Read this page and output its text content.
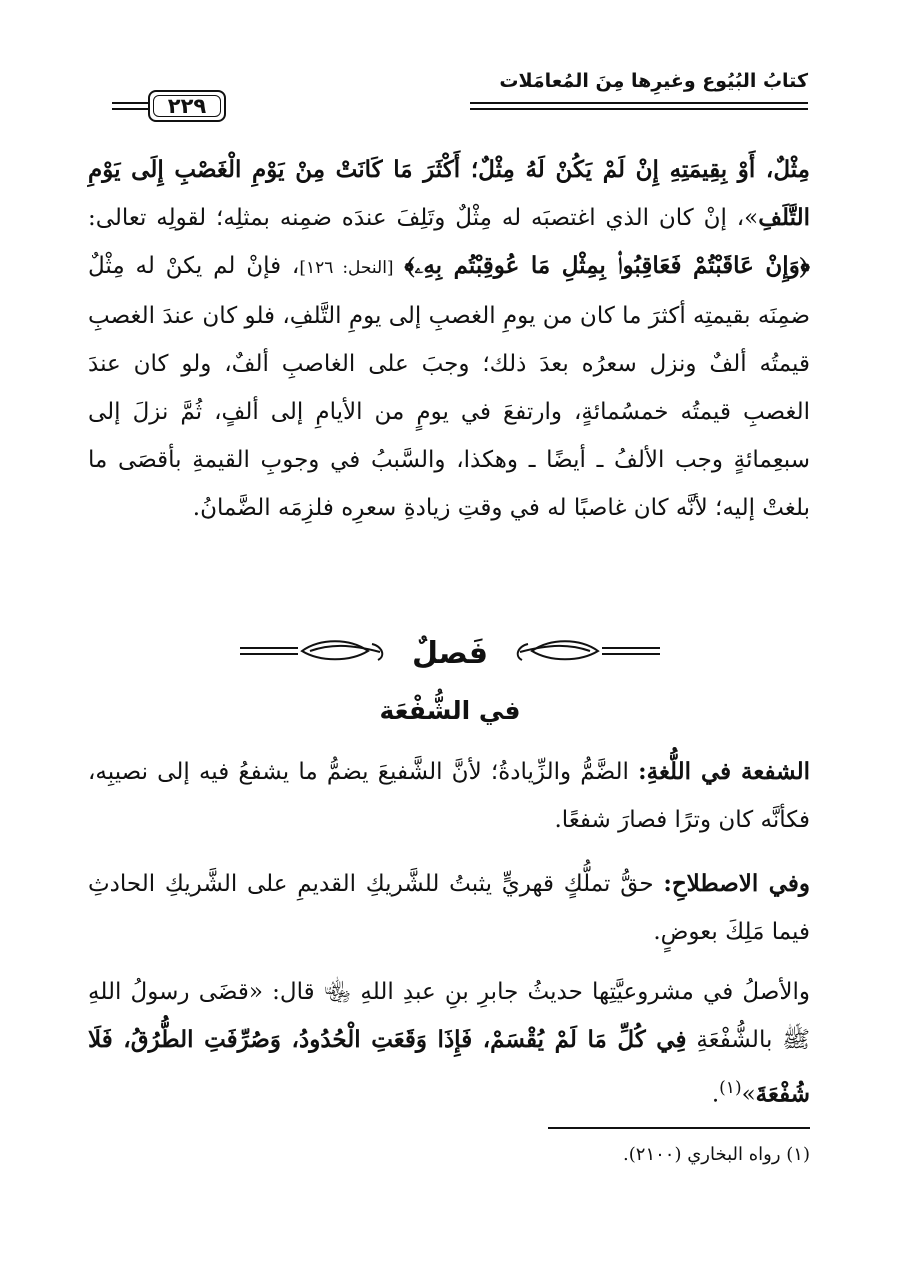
كتابُ البُيُوع وغيرِها مِنَ المُعامَلات
٢٢٩
مِثْلٌ، أَوْ بِقِيمَتِهِ إِنْ لَمْ يَكُنْ لَهُ مِثْلٌ؛ أَكْثَرَ مَا كَانَتْ مِنْ يَوْمِ الْغَصْبِ إِلَى يَوْمِ التَّلَفِ»، إنْ كان الذي اغتصبَه له مِثْلٌ وتَلِفَ عندَه ضمِنه بمثلِه؛ لقولِه تعالى: ﴿وَإِنْ عَاقَبْتُمْ فَعَاقِبُوا۟ بِمِثْلِ مَا عُوقِبْتُم بِهِۦ﴾ [النحل: ١٢٦]، فإنْ لم يكنْ له مِثْلٌ ضمِنَه بقيمتِه أكثرَ ما كان من يومِ الغصبِ إلى يومِ التَّلفِ، فلو كان عندَ الغصبِ قيمتُه ألفٌ ونزل سعرُه بعدَ ذلك؛ وجبَ على الغاصبِ ألفٌ، ولو كان عندَ الغصبِ قيمتُه خمسُمائةٍ، وارتفعَ في يومٍ من الأيامِ إلى ألفٍ، ثُمَّ نزلَ إلى سبعِمائةٍ وجب الألفُ ـ أيضًا ـ وهكذا، والسَّببُ في وجوبِ القيمةِ بأقصَى ما بلغتْ إليه؛ لأنَّه كان غاصبًا له في وقتِ زيادةِ سعرِه فلزِمَه الضَّمانُ.
فَصلٌ
في الشُّفْعَة
الشفعة في اللُّغةِ: الضَّمُّ والزِّيادةُ؛ لأنَّ الشَّفيعَ يضمُّ ما يشفعُ فيه إلى نصيبِه، فكأنَّه كان وترًا فصارَ شفعًا.
وفي الاصطلاحِ: حقُّ تملُّكٍ قهريٍّ يثبتُ للشَّريكِ القديمِ على الشَّريكِ الحادثِ فيما مَلِكَ بعوضٍ.
والأصلُ في مشروعيَّتِها حديثُ جابرِ بنِ عبدِ اللهِ ﵄ قال: «قضَى رسولُ اللهِ ﷺ بالشُّفْعَةِ فِي كُلِّ مَا لَمْ يُقْسَمْ، فَإِذَا وَقَعَتِ الْحُدُودُ، وَصُرِّفَتِ الطُّرُقُ، فَلَا شُفْعَةَ»$^{(١)}$.
(١) رواه البخاري (٢١٠٠).
